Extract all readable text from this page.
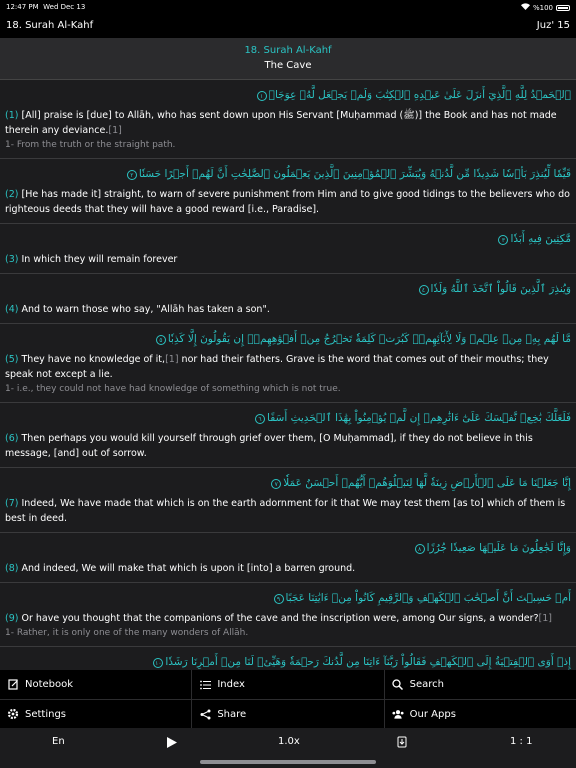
12:47 PM Wed Dec 13	%100
18. Surah Al-Kahf	Juz' 15
18. Surah Al-Kahf
The Cave
ٱلۡحَمۡدُ لِلَّهِ ٱلَّذِيٓ أَنزَلَ عَلَىٰ عَبۡدِهِ ٱلۡكِتَٰبَ وَلَمۡ يَجۡعَل لَّهُۥ عِوَجَاۜ١
(1) [All] praise is [due] to Allāh, who has sent down upon His Servant [Muḥammad (ﷺ)] the Book and has not made therein any deviance.[1]
1- From the truth or the straight path.
قَيِّمٗا لِّيُنذِرَ بَأۡسٗا شَدِيدٗا مِّن لَّدُنۡهُ وَيُبَشِّرَ ٱلۡمُؤۡمِنِينَ ٱلَّذِينَ يَعۡمَلُونَ ٱلصَّٰلِحَٰتِ أَنَّ لَهُمۡ أَجۡرًا حَسَنٗا٢
(2) [He has made it] straight, to warn of severe punishment from Him and to give good tidings to the believers who do righteous deeds that they will have a good reward [i.e., Paradise].
مَّٰكِثِينَ فِيهِ أَبَدٗا٣
(3) In which they will remain forever
وَيُنذِرَ ٱلَّذِينَ قَالُواْ ٱتَّخَذَ ٱللَّهُ وَلَدٗا٤
(4) And to warn those who say, "Allāh has taken a son".
مَّا لَهُم بِهِۦ مِنۡ عِلۡمٖ وَلَا لِأٓبَآئِهِمۡۚ كَبُرَتۡ كَلِمَةٗ تَخۡرُجُ مِنۡ أَفۡوَٰهِهِمۡۚ إِن يَقُولُونَ إِلَّا كَذِبٗا٥
(5) They have no knowledge of it,[1] nor had their fathers. Grave is the word that comes out of their mouths; they speak not except a lie.
1- i.e., they could not have had knowledge of something which is not true.
فَلَعَلَّكَ بَٰخِعٞ نَّفۡسَكَ عَلَىٰٓ ءَاثَٰرِهِمۡ إِن لَّمۡ يُؤۡمِنُواْ بِهَٰذَا ٱلۡحَدِيثِ أَسَفًا٦
(6) Then perhaps you would kill yourself through grief over them, [O Muḥammad], if they do not believe in this message, [and] out of sorrow.
إِنَّا جَعَلۡنَا مَا عَلَى ٱلۡأَرۡضِ زِينَةٗ لَّهَا لِنَبۡلُوَهُمۡ أَيُّهُمۡ أَحۡسَنُ عَمَلٗا٧
(7) Indeed, We have made that which is on the earth adornment for it that We may test them [as to] which of them is best in deed.
وَإِنَّا لَجَٰعِلُونَ مَا عَلَيۡهَا صَعِيدٗا جُرُزًا٨
(8) And indeed, We will make that which is upon it [into] a barren ground.
أَمۡ حَسِبۡتَ أَنَّ أَصۡحَٰبَ ٱلۡكَهۡفِ وَٱلرَّقِيمِ كَانُواْ مِنۡ ءَايَٰتِنَا عَجَبًا٩
(9) Or have you thought that the companions of the cave and the inscription were, among Our signs, a wonder?[1]
1- Rather, it is only one of the many wonders of Allāh.
إِذۡ أَوَى ٱلۡفِتۡيَةُ إِلَى ٱلۡكَهۡفِ فَقَالُواْ رَبَّنَآ ءَاتِنَا مِن لَّدُنكَ رَحۡمَةٗ وَهَيِّئۡ لَنَا مِنۡ أَمۡرِنَا رَشَدٗا١٠
Notebook	Index	Search
Settings	Share	Our Apps
En	1.0x	1 : 1
